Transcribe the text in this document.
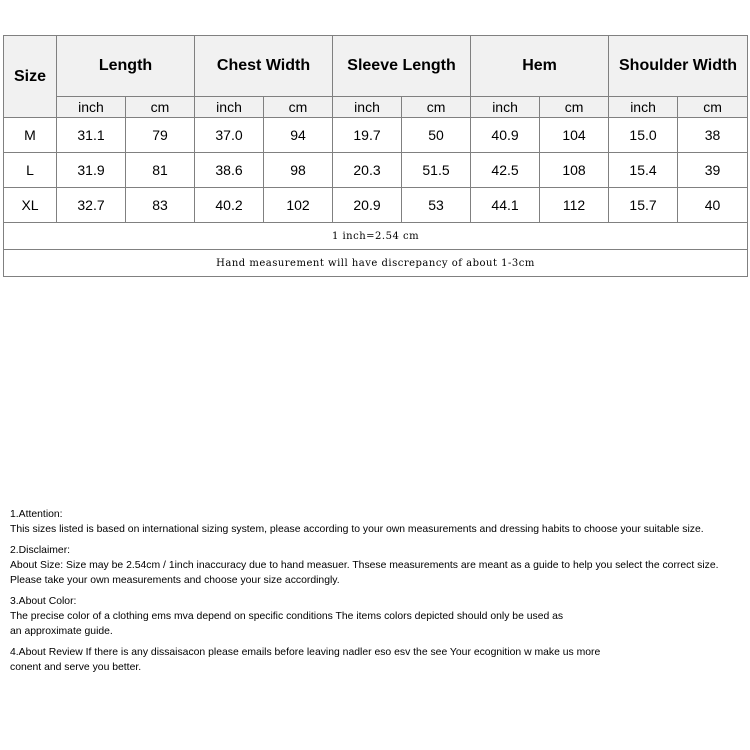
Size	Length		Chest Width		Sleeve Length		Hem		Shoulder Width	
	inch	cm	inch	cm	inch	cm	inch	cm	inch	cm
M	31.1	79	37.0	94	19.7	50	40.9	104	15.0	38
L	31.9	81	38.6	98	20.3	51.5	42.5	108	15.4	39
XL	32.7	83	40.2	102	20.9	53	44.1	112	15.7	40
1 inch=2.54 cm										
Hand measurement will have discrepancy of about 1-3cm										
1.Attention:
This sizes listed is based on international sizing system, please according to your own measurements and dressing habits to choose your suitable size.
2.Disclaimer:
About Size: Size may be 2.54cm / 1inch inaccuracy due to hand measuer. Thsese measurements are meant as a guide to help you select the correct size.
Please take your own measurements and choose your size accordingly.
3.About Color:
The precise color of a clothing ems mva depend on specific conditions The items colors depicted should only be used as
an approximate guide.
4.About Review If there is any dissaisacon please emails before leaving nadler eso esv the see Your ecognition w make us more
conent and serve you better.
